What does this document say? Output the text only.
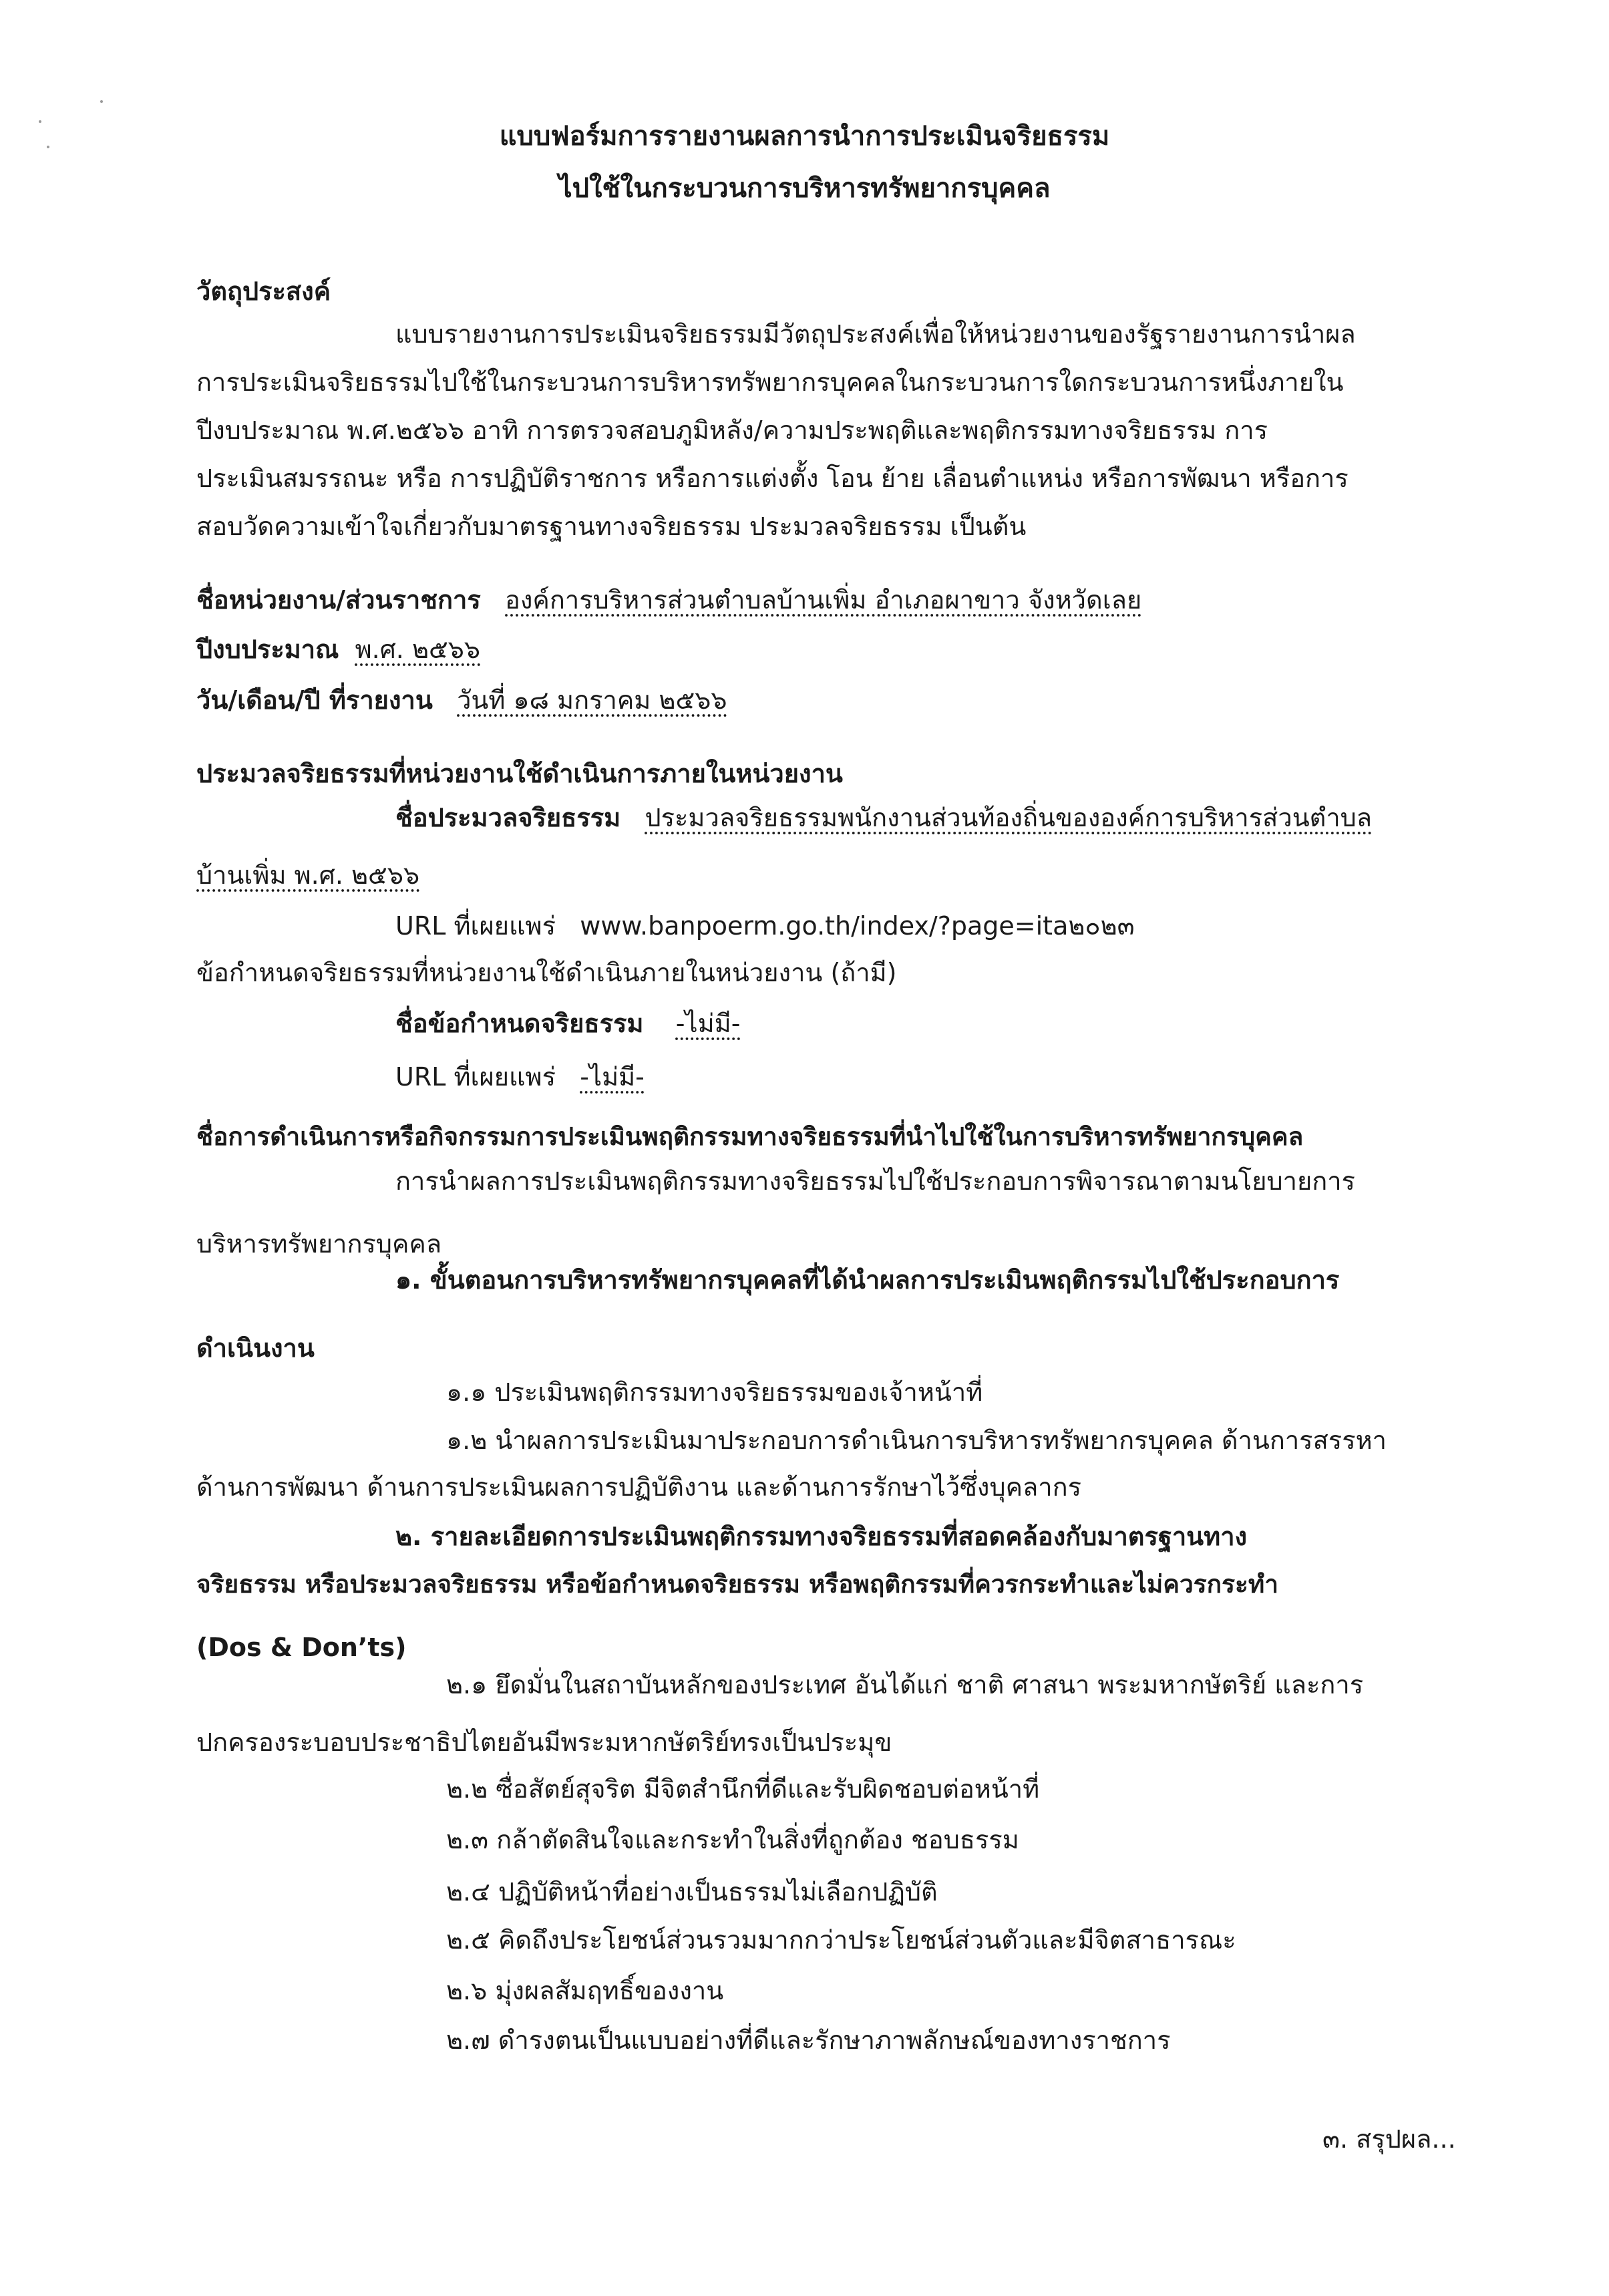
แบบฟอร์มการรายงานผลการนำการประเมินจริยธรรม
ไปใช้ในกระบวนการบริหารทรัพยากรบุคคล
วัตถุประสงค์
แบบรายงานการประเมินจริยธรรมมีวัตถุประสงค์เพื่อให้หน่วยงานของรัฐรายงานการนำผล
การประเมินจริยธรรมไปใช้ในกระบวนการบริหารทรัพยากรบุคคลในกระบวนการใดกระบวนการหนึ่งภายใน
ปีงบประมาณ พ.ศ.๒๕๖๖ อาทิ การตรวจสอบภูมิหลัง/ความประพฤติและพฤติกรรมทางจริยธรรม การ
ประเมินสมรรถนะ หรือ การปฏิบัติราชการ หรือการแต่งตั้ง โอน ย้าย เลื่อนตำแหน่ง หรือการพัฒนา หรือการ
สอบวัดความเข้าใจเกี่ยวกับมาตรฐานทางจริยธรรม ประมวลจริยธรรม เป็นต้น
ชื่อหน่วยงาน/ส่วนราชการ องค์การบริหารส่วนตำบลบ้านเพิ่ม อำเภอผาขาว จังหวัดเลย
ปีงบประมาณ พ.ศ. ๒๕๖๖
วัน/เดือน/ปี ที่รายงาน วันที่ ๑๘ มกราคม ๒๕๖๖
ประมวลจริยธรรมที่หน่วยงานใช้ดำเนินการภายในหน่วยงาน
ชื่อประมวลจริยธรรม ประมวลจริยธรรมพนักงานส่วนท้องถิ่นขององค์การบริหารส่วนตำบล
บ้านเพิ่ม พ.ศ. ๒๕๖๖
URL ที่เผยแพร่ www.banpoerm.go.th/index/?page=ita๒๐๒๓
ข้อกำหนดจริยธรรมที่หน่วยงานใช้ดำเนินภายในหน่วยงาน (ถ้ามี)
ชื่อข้อกำหนดจริยธรรม -ไม่มี-
URL ที่เผยแพร่ -ไม่มี-
ชื่อการดำเนินการหรือกิจกรรมการประเมินพฤติกรรมทางจริยธรรมที่นำไปใช้ในการบริหารทรัพยากรบุคคล
การนำผลการประเมินพฤติกรรมทางจริยธรรมไปใช้ประกอบการพิจารณาตามนโยบายการ
บริหารทรัพยากรบุคคล
๑. ขั้นตอนการบริหารทรัพยากรบุคคลที่ได้นำผลการประเมินพฤติกรรมไปใช้ประกอบการ
ดำเนินงาน
๑.๑ ประเมินพฤติกรรมทางจริยธรรมของเจ้าหน้าที่
๑.๒ นำผลการประเมินมาประกอบการดำเนินการบริหารทรัพยากรบุคคล ด้านการสรรหา
ด้านการพัฒนา ด้านการประเมินผลการปฏิบัติงาน และด้านการรักษาไว้ซึ่งบุคลากร
๒. รายละเอียดการประเมินพฤติกรรมทางจริยธรรมที่สอดคล้องกับมาตรฐานทาง
จริยธรรม หรือประมวลจริยธรรม หรือข้อกำหนดจริยธรรม หรือพฤติกรรมที่ควรกระทำและไม่ควรกระทำ
(Dos & Don’ts)
๒.๑ ยึดมั่นในสถาบันหลักของประเทศ อันได้แก่ ชาติ ศาสนา พระมหากษัตริย์ และการ
ปกครองระบอบประชาธิปไตยอันมีพระมหากษัตริย์ทรงเป็นประมุข
๒.๒ ซื่อสัตย์สุจริต มีจิตสำนึกที่ดีและรับผิดชอบต่อหน้าที่
๒.๓ กล้าตัดสินใจและกระทำในสิ่งที่ถูกต้อง ชอบธรรม
๒.๔ ปฏิบัติหน้าที่อย่างเป็นธรรมไม่เลือกปฏิบัติ
๒.๕ คิดถึงประโยชน์ส่วนรวมมากกว่าประโยชน์ส่วนตัวและมีจิตสาธารณะ
๒.๖ มุ่งผลสัมฤทธิ์ของงาน
๒.๗ ดำรงตนเป็นแบบอย่างที่ดีและรักษาภาพลักษณ์ของทางราชการ
๓. สรุปผล...
